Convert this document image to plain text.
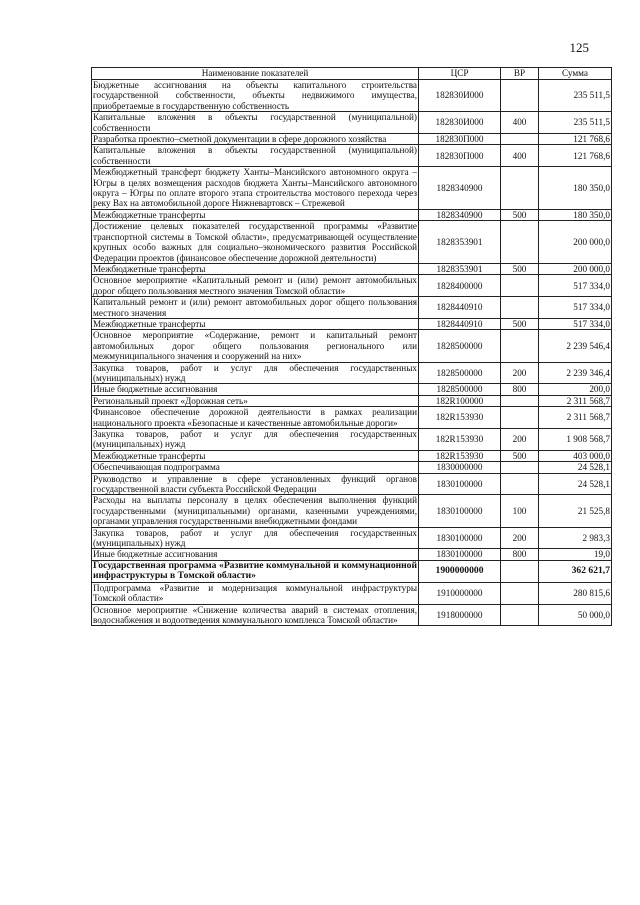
125
Наименование показателей	ЦСР	ВР	Сумма
Бюджетные ассигнования на объекты капитального строительства государственной собственности, объекты недвижимого имущества, приобретаемые в государственную собственность	182830И000		235 511,5
Капитальные вложения в объекты государственной (муниципальной) собственности	182830И000	400	235 511,5
Разработка проектно–сметной документации в сфере дорожного хозяйства	182830П000		121 768,6
Капитальные вложения в объекты государственной (муниципальной) собственности	182830П000	400	121 768,6
Межбюджетный трансферт бюджету Ханты–Мансийского автономного округа – Югры в целях возмещения расходов бюджета Ханты–Мансийского автономного округа – Югры по оплате второго этапа строительства мостового перехода через реку Вах на автомобильной дороге Нижневартовск – Стрежевой	1828340900		180 350,0
Межбюджетные трансферты	1828340900	500	180 350,0
Достижение целевых показателей государственной программы «Развитие транспортной системы в Томской области», предусматривающей осуществление крупных особо важных для социально–экономического развития Российской Федерации проектов (финансовое обеспечение дорожной деятельности)	1828353901		200 000,0
Межбюджетные трансферты	1828353901	500	200 000,0
Основное мероприятие «Капитальный ремонт и (или) ремонт автомобильных дорог общего пользования местного значения Томской области»	1828400000		517 334,0
Капитальный ремонт и (или) ремонт автомобильных дорог общего пользования местного значения	1828440910		517 334,0
Межбюджетные трансферты	1828440910	500	517 334,0
Основное мероприятие «Содержание, ремонт и капитальный ремонт автомобильных дорог общего пользования регионального или межмуниципального значения и сооружений на них»	1828500000		2 239 546,4
Закупка товаров, работ и услуг для обеспечения государственных (муниципальных) нужд	1828500000	200	2 239 346,4
Иные бюджетные ассигнования	1828500000	800	200,0
Региональный проект «Дорожная сеть»	182R100000		2 311 568,7
Финансовое обеспечение дорожной деятельности в рамках реализации национального проекта «Безопасные и качественные автомобильные дороги»	182R153930		2 311 568,7
Закупка товаров, работ и услуг для обеспечения государственных (муниципальных) нужд	182R153930	200	1 908 568,7
Межбюджетные трансферты	182R153930	500	403 000,0
Обеспечивающая подпрограмма	1830000000		24 528,1
Руководство и управление в сфере установленных функций органов государственной власти субъекта Российской Федерации	1830100000		24 528,1
Расходы на выплаты персоналу в целях обеспечения выполнения функций государственными (муниципальными) органами, казенными учреждениями, органами управления государственными внебюджетными фондами	1830100000	100	21 525,8
Закупка товаров, работ и услуг для обеспечения государственных (муниципальных) нужд	1830100000	200	2 983,3
Иные бюджетные ассигнования	1830100000	800	19,0
Государственная программа «Развитие коммунальной и коммунационной инфраструктуры в Томской области»	1900000000		362 621,7
Подпрограмма «Развитие и модернизация коммунальной инфраструктуры Томской области»	1910000000		280 815,6
Основное мероприятие «Снижение количества аварий в системах отопления, водоснабжения и водоотведения коммунального комплекса Томской области»	1918000000		50 000,0
